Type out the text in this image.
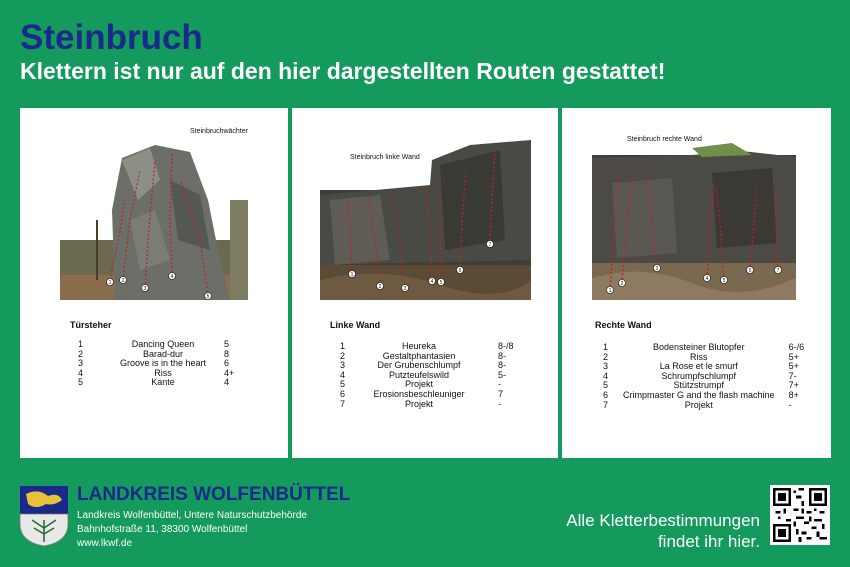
Steinbruch
Klettern ist nur auf den hier dargestellten Routen gestattet!
1 2
3
4
5
Steinbruchwächter
Türsteher
1	Dancing Queen	5
2	Barad-dur	8
3	Groove is in the heart	6
4	Riss	4+
5	Kante	4
1
2	3
4 5
6
7
Steinbruch linke Wand
Linke Wand
1	Heureka	8-/8
2	Gestaltphantasien	8-
3	Der Grubenschlumpf	8-
4	Putzteufelswild	5-
5	Projekt	-
6	Erosionsbeschleuniger	7
7	Projekt	-
1
2
3
4	5
6	7
Steinbruch rechte Wand
Rechte Wand
1	Bodensteiner Blutopfer	6-/6
2	Riss	5+
3	La Rose et le smurf	5+
4	Schrumpfschlumpf	7-
5	Stützstrumpf	7+
6	Crimpmaster G and the flash machine	8+
7	Projekt	-
LANDKREIS WOLFENBÜTTEL
Landkreis Wolfenbüttel, Untere Naturschutzbehörde
Bahnhofstraße 11, 38300 Wolfenbüttel
www.lkwf.de
Alle Kletterbestimmungen
findet ihr hier.
